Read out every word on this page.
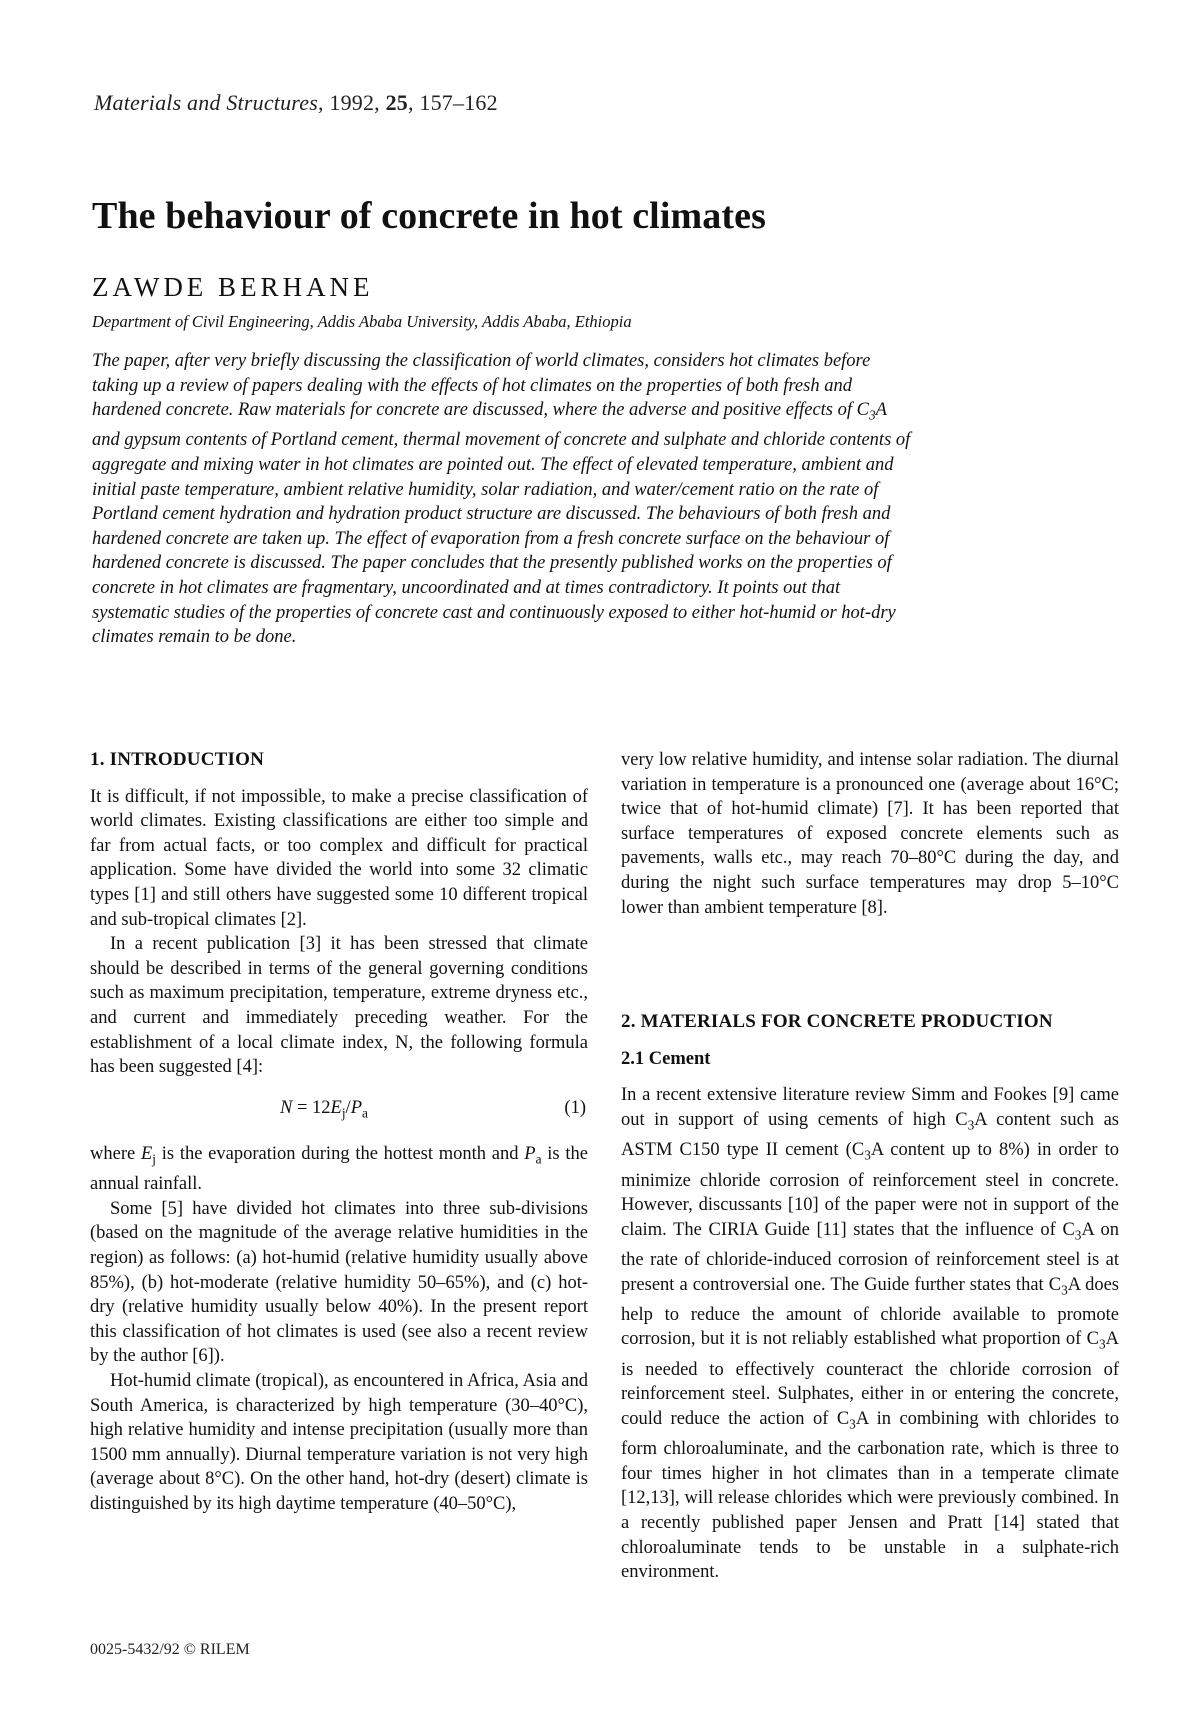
Materials and Structures, 1992, 25, 157–162
The behaviour of concrete in hot climates
ZAWDE BERHANE

Department of Civil Engineering, Addis Ababa University, Addis Ababa, Ethiopia

The paper, after very briefly discussing the classification of world climates, considers hot climates before taking up a review of papers dealing with the effects of hot climates on the properties of both fresh and hardened concrete. Raw materials for concrete are discussed, where the adverse and positive effects of $C_3A$ and gypsum contents of Portland cement, thermal movement of concrete and sulphate and chloride contents of aggregate and mixing water in hot climates are pointed out. The effect of elevated temperature, ambient and initial paste temperature, ambient relative humidity, solar radiation, and water/cement ratio on the rate of Portland cement hydration and hydration product structure are discussed. The behaviours of both fresh and hardened concrete are taken up. The effect of evaporation from a fresh concrete surface on the behaviour of hardened concrete is discussed. The paper concludes that the presently published works on the properties of concrete in hot climates are fragmentary, uncoordinated and at times contradictory. It points out that systematic studies of the properties of concrete cast and continuously exposed to either hot-humid or hot-dry climates remain to be done.

1. INTRODUCTION

It is difficult, if not impossible, to make a precise classification of world climates. Existing classifications are either too simple and far from actual facts, or too complex and difficult for practical application. Some have divided the world into some 32 climatic types [1] and still others have suggested some 10 different tropical and sub-tropical climates [2].

In a recent publication [3] it has been stressed that climate should be described in terms of the general governing conditions such as maximum precipitation, temperature, extreme dryness etc., and current and immediately preceding weather. For the establishment of a local climate index, N, the following formula has been suggested [4]:

$N = 12E_j/P_a$	(1)

where $E_j$ is the evaporation during the hottest month and $P_a$ is the annual rainfall.

Some [5] have divided hot climates into three sub-divisions (based on the magnitude of the average relative humidities in the region) as follows: (a) hot-humid (relative humidity usually above 85%), (b) hot-moderate (relative humidity 50–65%), and (c) hot-dry (relative humidity usually below 40%). In the present report this classification of hot climates is used (see also a recent review by the author [6]).

Hot-humid climate (tropical), as encountered in Africa, Asia and South America, is characterized by high temperature (30–40°C), high relative humidity and intense precipitation (usually more than 1500 mm annually). Diurnal temperature variation is not very high (average about 8°C). On the other hand, hot-dry (desert) climate is distinguished by its high daytime temperature (40–50°C),

very low relative humidity, and intense solar radiation. The diurnal variation in temperature is a pronounced one (average about 16°C; twice that of hot-humid climate) [7]. It has been reported that surface temperatures of exposed concrete elements such as pavements, walls etc., may reach 70–80°C during the day, and during the night such surface temperatures may drop 5–10°C lower than ambient temperature [8].

2. MATERIALS FOR CONCRETE PRODUCTION
2.1 Cement

In a recent extensive literature review Simm and Fookes [9] came out in support of using cements of high $C_3A$ content such as ASTM C150 type II cement ($C_3A$ content up to 8%) in order to minimize chloride corrosion of reinforcement steel in concrete. However, discussants [10] of the paper were not in support of the claim. The CIRIA Guide [11] states that the influence of $C_3A$ on the rate of chloride-induced corrosion of reinforcement steel is at present a controversial one. The Guide further states that $C_3A$ does help to reduce the amount of chloride available to promote corrosion, but it is not reliably established what proportion of $C_3A$ is needed to effectively counteract the chloride corrosion of reinforcement steel. Sulphates, either in or entering the concrete, could reduce the action of $C_3A$ in combining with chlorides to form chloroaluminate, and the carbonation rate, which is three to four times higher in hot climates than in a temperate climate [12,13], will release chlorides which were previously combined. In a recently published paper Jensen and Pratt [14] stated that chloroaluminate tends to be unstable in a sulphate-rich environment.

0025-5432/92 © RILEM
